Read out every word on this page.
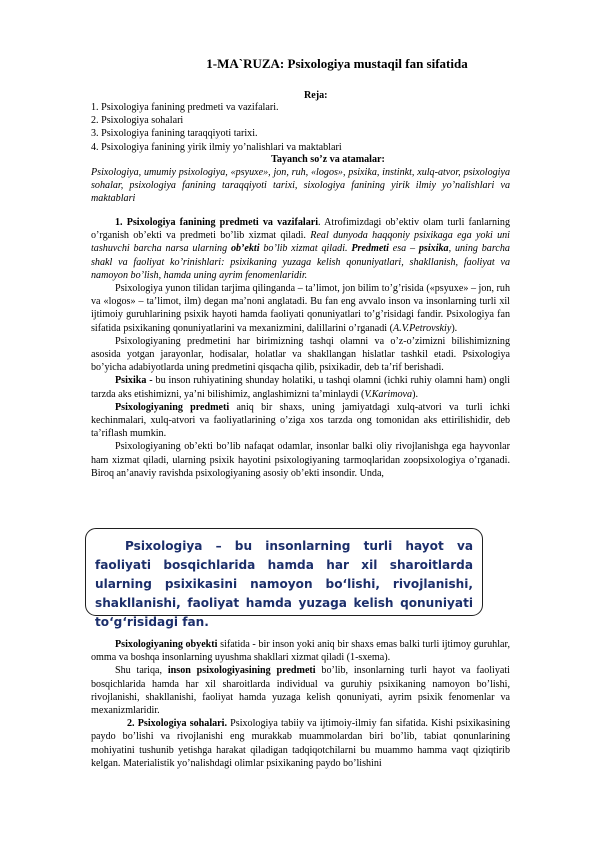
1-MA`RUZA: Psixologiya mustaqil fan sifatida
Reja:
1. Psixologiya fanining predmeti va vazifalari.
2. Psixologiya sohalari
3. Psixologiya fanining taraqqiyoti tarixi.
4. Psixologiya fanining yirik ilmiy yo’nalishlari va maktablari
Tayanch so’z va atamalar:
Psixologiya, umumiy psixologiya, «psyuxe», jon, ruh, «logos», psixika, instinkt, xulq-atvor, psixologiya sohalar, psixologiya fanining taraqqiyoti tarixi, sixologiya fanining yirik ilmiy yo’nalishlari va maktablari

1. Psixologiya fanining predmeti va vazifalari. Atrofimizdagi ob’ektiv olam turli fanlarning o’rganish ob’ekti va predmeti bo’lib xizmat qiladi. Real dunyoda haqqoniy psixikaga ega yoki uni tashuvchi barcha narsa ularning ob’ekti bo’lib xizmat qiladi. Predmeti esa – psixika, uning barcha shakl va faoliyat ko’rinishlari: psixikaning yuzaga kelish qonuniyatlari, shakllanish, faoliyat va namoyon bo’lish, hamda uning ayrim fenomenlaridir.

Psixologiya yunon tilidan tarjima qilinganda – ta’limot, jon bilim to’g’risida («psyuxe» – jon, ruh va «logos» – ta’limot, ilm) degan ma’noni anglatadi. Bu fan eng avvalo inson va insonlarning turli xil ijtimoiy guruhlarining psixik hayoti hamda faoliyati qonuniyatlari to’g’risidagi fandir. Psixologiya fan sifatida psixikaning qonuniyatlarini va mexanizmini, dalillarini o’rganadi (A.V.Petrovskiy).

Psixologiyaning predmetini har birimizning tashqi olamni va o’z-o’zimizni bilishimizning asosida yotgan jarayonlar, hodisalar, holatlar va shakllangan hislatlar tashkil etadi. Psixologiya bo’yicha adabiyotlarda uning predmetini qisqacha qilib, psixikadir, deb ta’rif berishadi.

Psixika - bu inson ruhiyatining shunday holatiki, u tashqi olamni (ichki ruhiy olamni ham) ongli tarzda aks etishimizni, ya’ni bilishimiz, anglashimizni ta’minlaydi (V.Karimova).

Psixologiyaning predmeti aniq bir shaxs, uning jamiyatdagi xulq-atvori va turli ichki kechinmalari, xulq-atvori va faoliyatlarining o’ziga xos tarzda ong tomonidan aks ettirilishidir, deb ta’riflash mumkin.

Psixologiyaning ob’ekti bo’lib nafaqat odamlar, insonlar balki oliy rivojlanishga ega hayvonlar ham xizmat qiladi, ularning psixik hayotini psixologiyaning tarmoqlaridan zoopsixologiya o’rganadi. Biroq an’anaviy ravishda psixologiyaning asosiy ob’ekti insondir. Unda,

Psixologiya – bu insonlarning turli hayot va faoliyati bosqichlarida hamda har xil sharoitlarda ularning psixikasini namoyon bo‘lishi, rivojlanishi, shakllanishi, faoliyat hamda yuzaga kelish qonuniyati to‘g‘risidagi fan.

Psixologiyaning obyekti sifatida - bir inson yoki aniq bir shaxs emas balki turli ijtimoy guruhlar, omma va boshqa insonlarning uyushma shakllari xizmat qiladi (1-sxema).

Shu tariqa, inson psixologiyasining predmeti bo’lib, insonlarning turli hayot va faoliyati bosqichlarida hamda har xil sharoitlarda individual va guruhiy psixikaning namoyon bo’lishi, rivojlanishi, shakllanishi, faoliyat hamda yuzaga kelish qonuniyati, ayrim psixik fenomenlar va mexanizmlaridir.

2. Psixologiya sohalari. Psixologiya tabiiy va ijtimoiy-ilmiy fan sifatida. Kishi psixikasining paydo bo’lishi va rivojlanishi eng murakkab muammolardan biri bo’lib, tabiat qonunlarining mohiyatini tushunib yetishga harakat qiladigan tadqiqotchilarni bu muammo hamma vaqt qiziqtirib kelgan. Materialistik yo’nalishdagi olimlar psixikaning paydo bo’lishini
